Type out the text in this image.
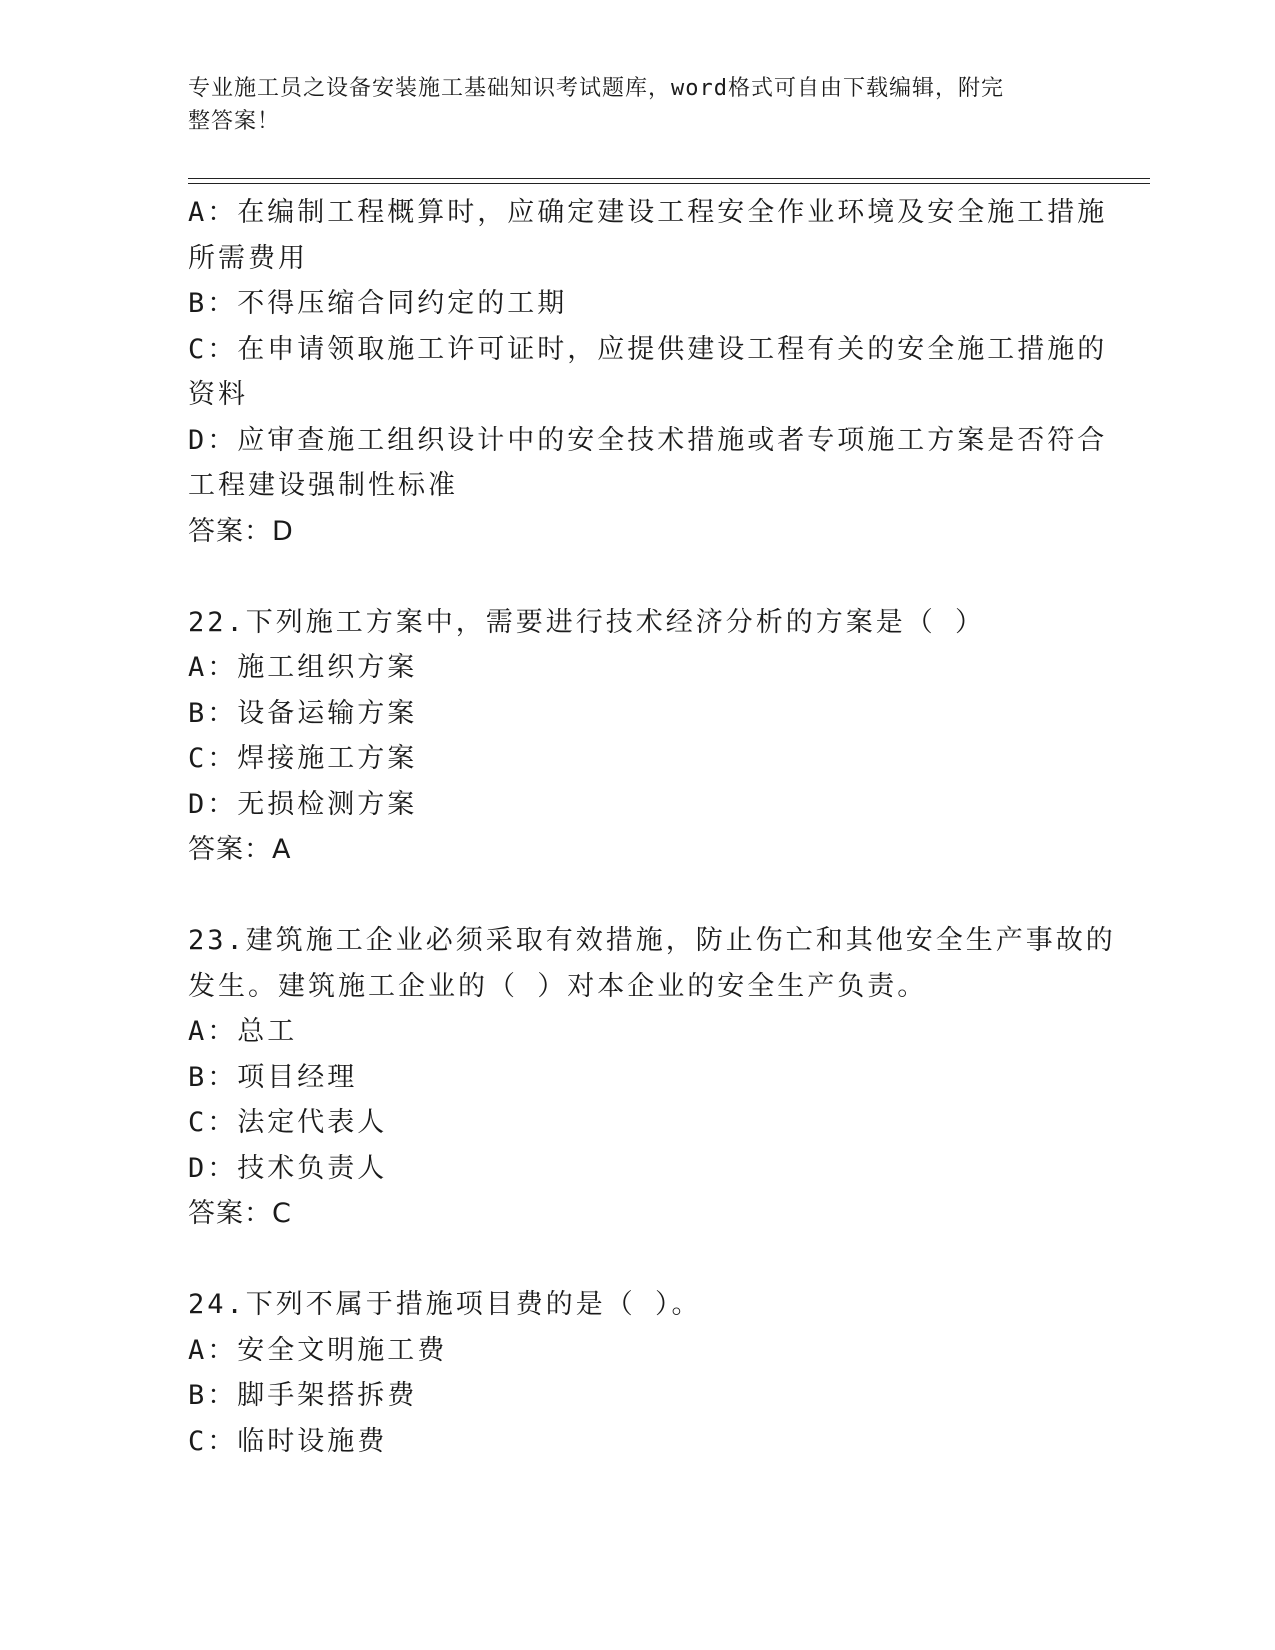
专业施工员之设备安装施工基础知识考试题库，word格式可自由下载编辑，附完
整答案！
A：在编制工程概算时，应确定建设工程安全作业环境及安全施工措施
所需费用
B：不得压缩合同约定的工期
C：在申请领取施工许可证时，应提供建设工程有关的安全施工措施的
资料
D：应审查施工组织设计中的安全技术措施或者专项施工方案是否符合
工程建设强制性标准
答案：D
22.下列施工方案中，需要进行技术经济分析的方案是（ ）
A：施工组织方案
B：设备运输方案
C：焊接施工方案
D：无损检测方案
答案：A
23.建筑施工企业必须采取有效措施，防止伤亡和其他安全生产事故的
发生。建筑施工企业的（ ）对本企业的安全生产负责。
A：总工
B：项目经理
C：法定代表人
D：技术负责人
答案：C
24.下列不属于措施项目费的是（ ）。
A：安全文明施工费
B：脚手架搭拆费
C：临时设施费
